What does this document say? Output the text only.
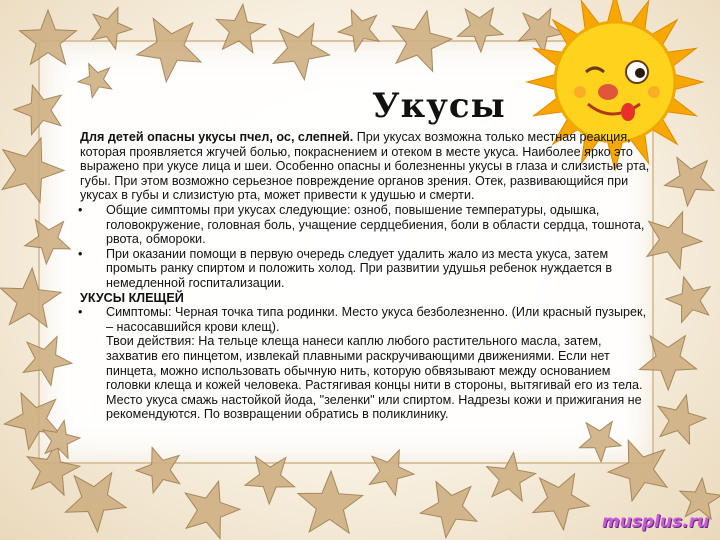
Укусы

Для детей опасны укусы пчел, ос, слепней. При укусах возможна только местная реакция, которая проявляется жгучей болью, покраснением и отеком в месте укуса. Наиболее ярко это выражено при укусе лица и шеи. Особенно опасны и болезненны укусы в глаза и слизистые рта, губы. При этом возможно серьезное повреждение органов зрения. Отек, развивающийся при укусах в губы и слизистую рта, может привести к удушью и смерти.

• Общие симптомы при укусах следующие: озноб, повышение температуры, одышка, головокружение, головная боль, учащение сердцебиения, боли в области сердца, тошнота, рвота, обмороки.

• При оказании помощи в первую очередь следует удалить жало из места укуса, затем промыть ранку спиртом и положить холод. При развитии удушья ребенок нуждается в немедленной госпитализации.

УКУСЫ КЛЕЩЕЙ

• Симптомы: Черная точка типа родинки. Место укуса безболезненно. (Или красный пузырек, – насосавшийся крови клещ).

Твои действия: На тельце клеща нанеси каплю любого растительного масла, затем, захватив его пинцетом, извлекай плавными раскручивающими движениями. Если нет пинцета, можно использовать обычную нить, которую обвязывают между основанием головки клеща и кожей человека. Растягивая концы нити в стороны, вытягивай его из тела. Место укуса смажь настойкой йода, "зеленки" или спиртом. Надрезы кожи и прижигания не рекомендуются. По возвращении обратись в поликлинику.

musplus.ru
